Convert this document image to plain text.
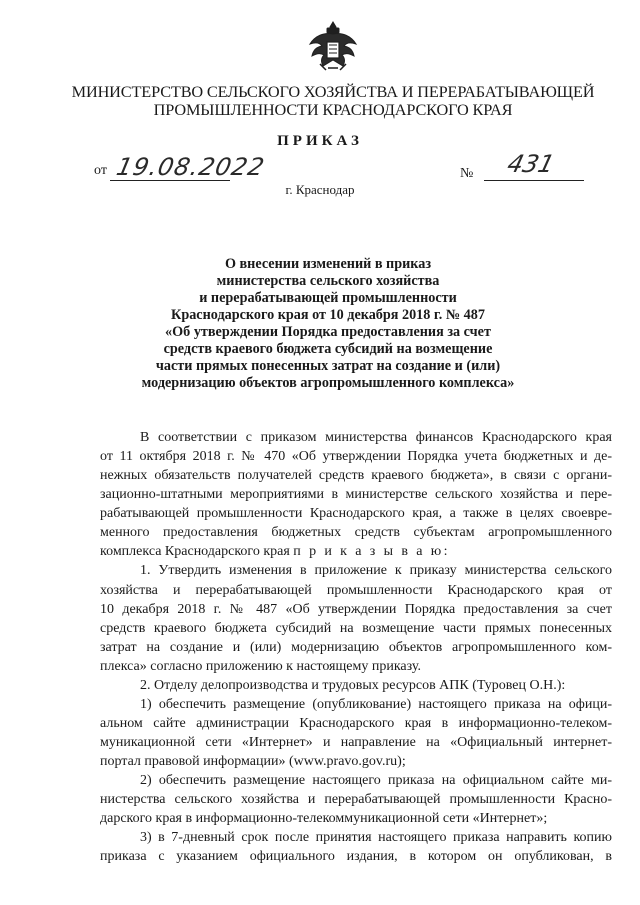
МИНИСТЕРСТВО СЕЛЬСКОГО ХОЗЯЙСТВА И ПЕРЕРАБАТЫВАЮЩЕЙ
ПРОМЫШЛЕННОСТИ КРАСНОДАРСКОГО КРАЯ
ПРИКАЗ
от 19.08.2022	№ 431
г. Краснодар
О внесении изменений в приказ
министерства сельского хозяйства
и перерабатывающей промышленности
Краснодарского края от 10 декабря 2018 г. № 487
«Об утверждении Порядка предоставления за счет
средств краевого бюджета субсидий на возмещение
части прямых понесенных затрат на создание и (или)
модернизацию объектов агропромышленного комплекса»
В соответствии с приказом министерства финансов Краснодарского края
от 11 октября 2018 г. № 470 «Об утверждении Порядка учета бюджетных и де-
нежных обязательств получателей средств краевого бюджета», в связи с органи-
зационно-штатными мероприятиями в министерстве сельского хозяйства и пере-
рабатывающей промышленности Краснодарского края, а также в целях своевре-
менного предоставления бюджетных средств субъектам агропромышленного
комплекса Краснодарского края п р и к а з ы в а ю:
1. Утвердить изменения в приложение к приказу министерства сельского
хозяйства и перерабатывающей промышленности Краснодарского края от
10 декабря 2018 г. № 487 «Об утверждении Порядка предоставления за счет
средств краевого бюджета субсидий на возмещение части прямых понесенных
затрат на создание и (или) модернизацию объектов агропромышленного ком-
плекса» согласно приложению к настоящему приказу.
2. Отделу делопроизводства и трудовых ресурсов АПК (Туровец О.Н.):
1) обеспечить размещение (опубликование) настоящего приказа на офици-
альном сайте администрации Краснодарского края в информационно-телеком-
муникационной сети «Интернет» и направление на «Официальный интернет-
портал правовой информации» (www.pravo.gov.ru);
2) обеспечить размещение настоящего приказа на официальном сайте ми-
нистерства сельского хозяйства и перерабатывающей промышленности Красно-
дарского края в информационно-телекоммуникационной сети «Интернет»;
3) в 7-дневный срок после принятия настоящего приказа направить копию
приказа с указанием официального издания, в котором он опубликован, в
